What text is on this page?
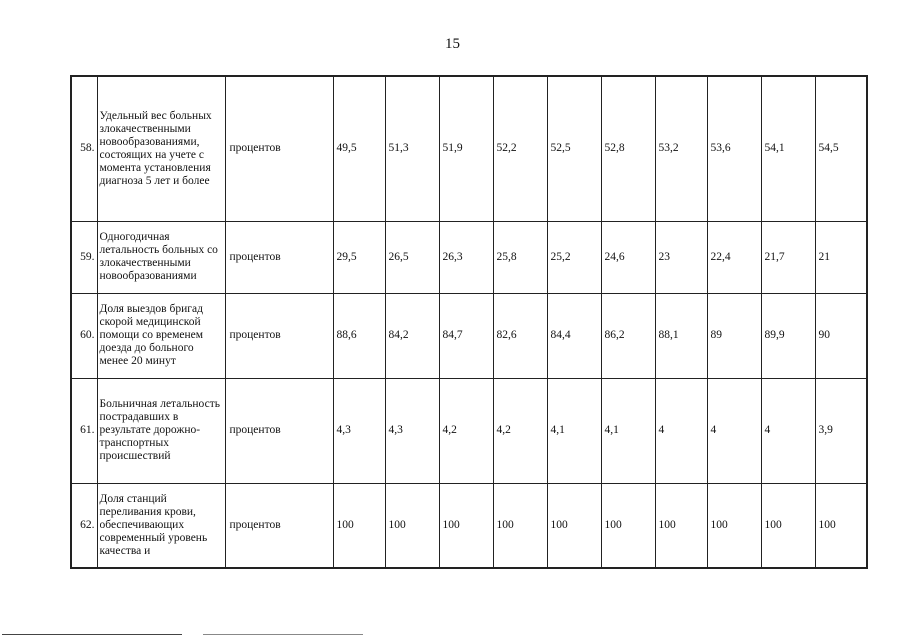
15
58.	Удельный вес больных злокачественными новообразованиями, состоящих на учете с момента установления диагноза 5 лет и более	процентов	49,5	51,3	51,9	52,2	52,5	52,8	53,2	53,6	54,1	54,5
59.	Одногодичная летальность больных со злокачественными новообразованиями	процентов	29,5	26,5	26,3	25,8	25,2	24,6	23	22,4	21,7	21
60.	Доля выездов бригад скорой медицинской помощи со временем доезда до больного менее 20 минут	процентов	88,6	84,2	84,7	82,6	84,4	86,2	88,1	89	89,9	90
61.	Больничная летальность пострадавших в результате дорожно-транспортных происшествий	процентов	4,3	4,3	4,2	4,2	4,1	4,1	4	4	4	3,9
62.	Доля станций переливания крови, обеспечивающих современный уровень качества и	процентов	100	100	100	100	100	100	100	100	100	100
